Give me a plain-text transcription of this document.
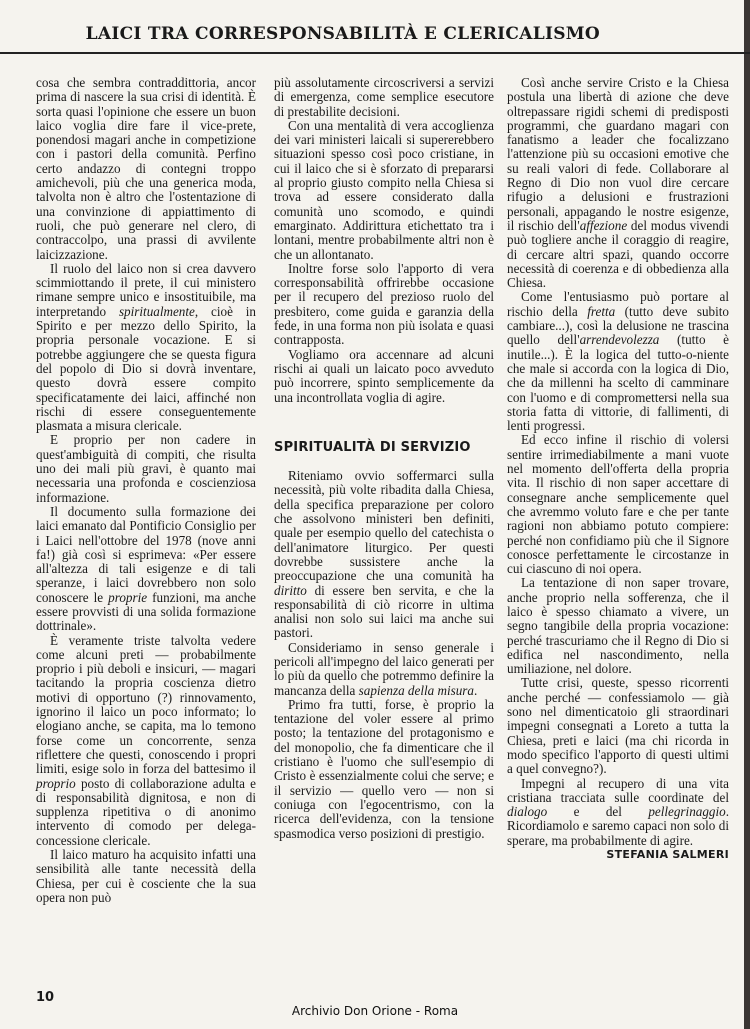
LAICI TRA CORRESPONSABILITÀ E CLERICALISMO

cosa che sembra contraddittoria, ancor prima di nascere la sua crisi di identità. È sorta quasi l'opinione che essere un buon laico voglia dire fare il vice-prete, ponendosi magari anche in competizione con i pastori della comunità. Perfino certo andazzo di contegni troppo amichevoli, più che una generica moda, talvolta non è altro che l'ostentazione di una convinzione di appiattimento di ruoli, che può generare nel clero, di contraccolpo, una prassi di avvilente laicizzazione.

Il ruolo del laico non si crea davvero scimmiottando il prete, il cui ministero rimane sempre unico e insostituibile, ma interpretando spiritualmente, cioè in Spirito e per mezzo dello Spirito, la propria personale vocazione. E si potrebbe aggiungere che se questa figura del popolo di Dio si dovrà inventare, questo dovrà essere compito specificatamente dei laici, affinché non rischi di essere conseguentemente plasmata a misura clericale.

E proprio per non cadere in quest'ambiguità di compiti, che risulta uno dei mali più gravi, è quanto mai necessaria una profonda e coscienziosa informazione.

Il documento sulla formazione dei laici emanato dal Pontificio Consiglio per i Laici nell'ottobre del 1978 (nove anni fa!) già così si esprimeva: «Per essere all'altezza di tali esigenze e di tali speranze, i laici dovrebbero non solo conoscere le proprie funzioni, ma anche essere provvisti di una solida formazione dottrinale».

È veramente triste talvolta vedere come alcuni preti — probabilmente proprio i più deboli e insicuri, — magari tacitando la propria coscienza dietro motivi di opportuno (?) rinnovamento, ignorino il laico un poco informato; lo elogiano anche, se capita, ma lo temono forse come un concorrente, senza riflettere che questi, conoscendo i propri limiti, esige solo in forza del battesimo il proprio posto di collaborazione adulta e di responsabilità dignitosa, e non di supplenza ripetitiva o di anonimo intervento di comodo per delega-concessione clericale.

Il laico maturo ha acquisito infatti una sensibilità alle tante necessità della Chiesa, per cui è cosciente che la sua opera non può

più assolutamente circoscriversi a servizi di emergenza, come semplice esecutore di prestabilite decisioni.

Con una mentalità di vera accoglienza dei vari ministeri laicali si supererebbero situazioni spesso così poco cristiane, in cui il laico che si è sforzato di prepararsi al proprio giusto compito nella Chiesa si trova ad essere considerato dalla comunità uno scomodo, e quindi emarginato. Addirittura etichettato tra i lontani, mentre probabilmente altri non è che un allontanato.

Inoltre forse solo l'apporto di vera corresponsabilità offrirebbe occasione per il recupero del prezioso ruolo del presbitero, come guida e garanzia della fede, in una forma non più isolata e quasi contrapposta.

Vogliamo ora accennare ad alcuni rischi ai quali un laicato poco avveduto può incorrere, spinto semplicemente da una incontrollata voglia di agire.

SPIRITUALITÀ DI SERVIZIO

Riteniamo ovvio soffermarci sulla necessità, più volte ribadita dalla Chiesa, della specifica preparazione per coloro che assolvono ministeri ben definiti, quale per esempio quello del catechista o dell'animatore liturgico. Per questi dovrebbe sussistere anche la preoccupazione che una comunità ha diritto di essere ben servita, e che la responsabilità di ciò ricorre in ultima analisi non solo sui laici ma anche sui pastori.

Consideriamo in senso generale i pericoli all'impegno del laico generati per lo più da quello che potremmo definire la mancanza della sapienza della misura.

Primo fra tutti, forse, è proprio la tentazione del voler essere al primo posto; la tentazione del protagonismo e del monopolio, che fa dimenticare che il cristiano è l'uomo che sull'esempio di Cristo è essenzialmente colui che serve; e il servizio — quello vero — non si coniuga con l'egocentrismo, con la ricerca dell'evidenza, con la tensione spasmodica verso posizioni di prestigio.

Così anche servire Cristo e la Chiesa postula una libertà di azione che deve oltrepassare rigidi schemi di predisposti programmi, che guardano magari con fanatismo a leader che focalizzano l'attenzione più su occasioni emotive che su reali valori di fede. Collaborare al Regno di Dio non vuol dire cercare rifugio a delusioni e frustrazioni personali, appagando le nostre esigenze, il rischio dell'affezione del modus vivendi può togliere anche il coraggio di reagire, di cercare altri spazi, quando occorre necessità di coerenza e di obbedienza alla Chiesa.

Come l'entusiasmo può portare al rischio della fretta (tutto deve subito cambiare...), così la delusione ne trascina quello dell'arrendevolezza (tutto è inutile...). È la logica del tutto-o-niente che male si accorda con la logica di Dio, che da millenni ha scelto di camminare con l'uomo e di compromettersi nella sua storia fatta di vittorie, di fallimenti, di lenti progressi.

Ed ecco infine il rischio di volersi sentire irrimediabilmente a mani vuote nel momento dell'offerta della propria vita. Il rischio di non saper accettare di consegnare anche semplicemente quel che avremmo voluto fare e che per tante ragioni non abbiamo potuto compiere: perché non confidiamo più che il Signore conosce perfettamente le circostanze in cui ciascuno di noi opera.

La tentazione di non saper trovare, anche proprio nella sofferenza, che il laico è spesso chiamato a vivere, un segno tangibile della propria vocazione: perché trascuriamo che il Regno di Dio si edifica nel nascondimento, nella umiliazione, nel dolore.

Tutte crisi, queste, spesso ricorrenti anche perché — confessiamolo — già sono nel dimenticatoio gli straordinari impegni consegnati a Loreto a tutta la Chiesa, preti e laici (ma chi ricorda in modo specifico l'apporto di questi ultimi a quel convegno?).

Impegni al recupero di una vita cristiana tracciata sulle coordinate del dialogo e del pellegrinaggio. Ricordiamolo e saremo capaci non solo di sperare, ma probabilmente di agire.

STEFANIA SALMERI

10
Archivio Don Orione - Roma
